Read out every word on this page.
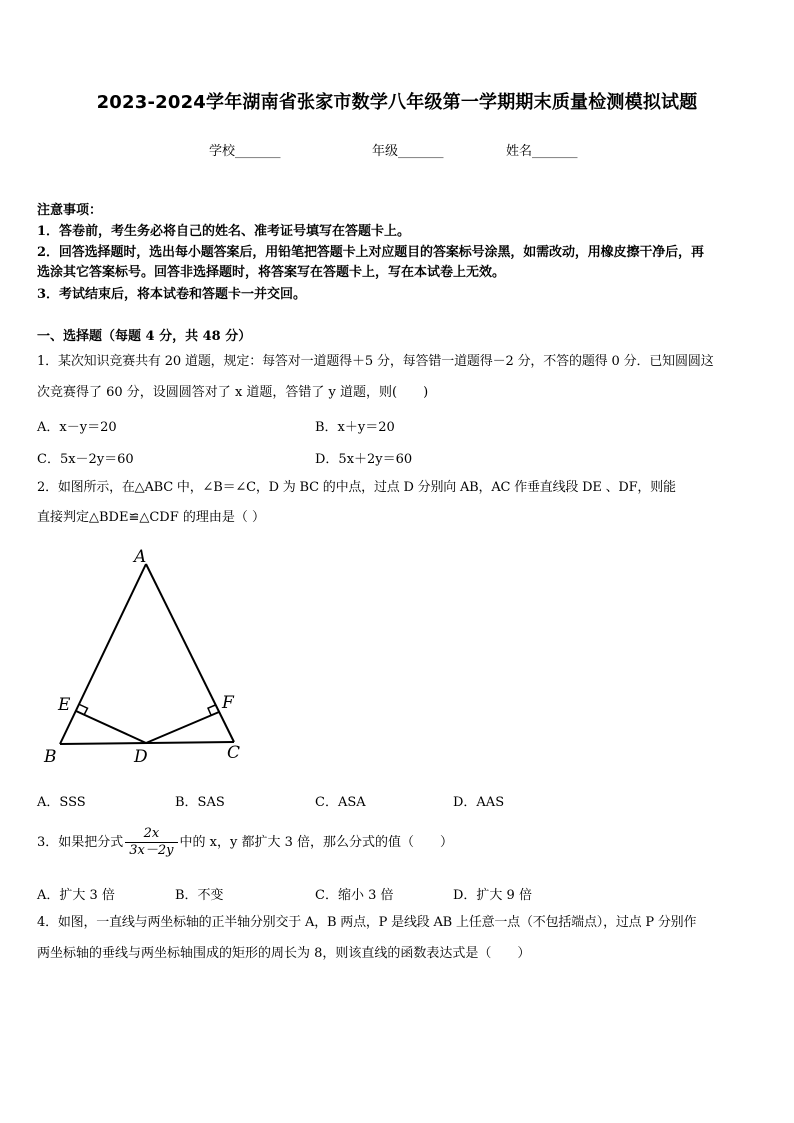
2023-2024学年湖南省张家市数学八年级第一学期期末质量检测模拟试题
学校_______	年级_______	姓名_______
注意事项：
1．答卷前，考生务必将自己的姓名、准考证号填写在答题卡上。
2．回答选择题时，选出每小题答案后，用铅笔把答题卡上对应题目的答案标号涂黑，如需改动，用橡皮擦干净后，再
选涂其它答案标号。回答非选择题时，将答案写在答题卡上，写在本试卷上无效。
3．考试结束后，将本试卷和答题卡一并交回。
一、选择题（每题 4 分，共 48 分）
1．某次知识竞赛共有 20 道题，规定：每答对一道题得＋5 分，每答错一道题得－2 分，不答的题得 0 分．已知圆圆这
次竞赛得了 60 分，设圆圆答对了 x 道题，答错了 y 道题，则(　　)
A．x－y＝20	B．x＋y＝20
C．5x－2y＝60	D．5x＋2y＝60
2．如图所示，在△ABC 中，∠B＝∠C，D 为 BC 的中点，过点 D 分别向 AB，AC 作垂直线段 DE 、DF，则能
直接判定△BDE≌△CDF 的理由是（ ）
A
E	F
B	D	C
A．SSS	B．SAS	C．ASA	D．AAS
3．如果把分式 $\frac{2x}{3x-2y}$ 中的 x，y 都扩大 3 倍，那么分式的值（　　）
A．扩大 3 倍	B．不变	C．缩小 3 倍	D．扩大 9 倍
4．如图，一直线与两坐标轴的正半轴分别交于 A，B 两点，P 是线段 AB 上任意一点（不包括端点），过点 P 分别作
两坐标轴的垂线与两坐标轴围成的矩形的周长为 8，则该直线的函数表达式是（　　）
